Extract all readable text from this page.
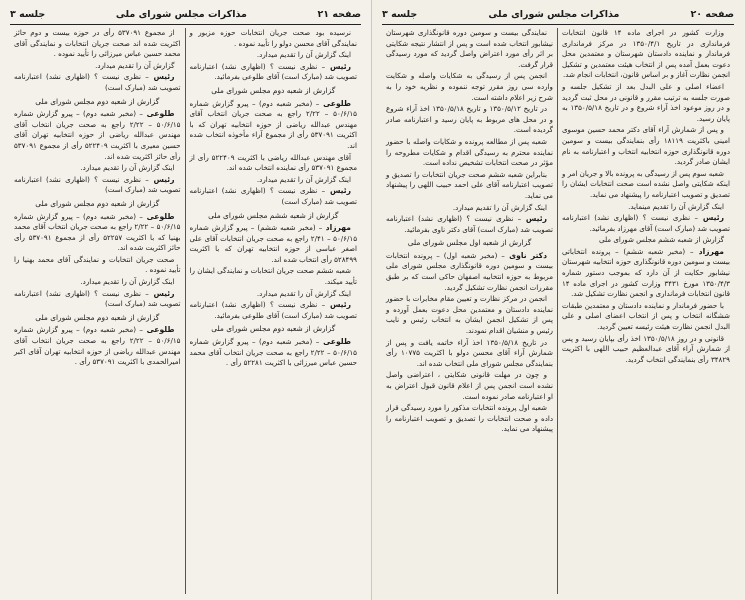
صفحه ۲۱
مذاکرات مجلس شورای ملی
جلسه ۳

نرسیده بود صحت جریان انتخابات حوزه مزبور و نمایندگی آقای محسن دولو را تأیید نموده .

اینک گزارش آن را تقدیم میدارد.

رئیس – نظری نیست ؟ (اظهاری نشد) اعتبارنامه تصویب شد (مبارک است) آقای طلوعی بفرمائید.

گزارش از شعبه دوم مجلس شورای ملی

طلوعی – (مخبر شعبه دوم) – پیرو گزارش شماره ۵۰/۶/۱۵ – ۲/۲۲ راجع به صحت جریان انتخاب آقای مهندس عبدالله ریاضی از حوزه انتخابیه تهران که با اکثریت ۵۳۷۰۹۱ رأی از مجموع آراء مأخوذه انتخاب شده اند.

آقای مهندس عبدالله ریاضی با اکثریت ۵۲۲۴۰۹ رأی از مجموع ۵۳۷۰۹۱ رأی نماینده انتخاب شده اند.

اینک گزارش آن را تقدیم میدارد.

رئیس – نظری نیست ؟ (اظهاری نشد) اعتبارنامه تصویب شد (مبارک است)

گزارش از شعبه ششم مجلس شورای ملی

مهرزاد – (مخبر شعبه ششم) – پیرو گزارش شماره ۵۰/۶/۱۵ – ۲/۴۱ راجع به صحت جریان انتخابات آقای علی اصغر عباسی از حوزه انتخابیه تهران که با اکثریت ۵۲۸۴۹۹ رأی انتخاب شده اند.

شعبه ششم صحت جریان انتخابات و نمایندگی ایشان را تأیید میکند.

اینک گزارش آن را تقدیم میدارد.

رئیس – نظری نیست ؟ (اظهاری نشد) اعتبارنامه تصویب شد (مبارک است) آقای طلوعی بفرمائید.

گزارش از شعبه دوم مجلس شورای ملی

طلوعی – (مخبر شعبه دوم) – پیرو گزارش شماره ۵۰/۶/۱۵ – ۲/۲۲ راجع به صحت جریان انتخاب آقای محمد حسین عباس میرزائی با اکثریت ۵۲۲۸۱ رأی .

از مجموع ۵۳۷۰۹۱ رأی در حوزه بیست و دوم حائز اکثریت شده اند صحت جریان انتخابات و نمایندگی آقای محمد حسین عباس میرزائی را تأیید نموده .

گزارش آن را تقدیم میدارد.

رئیس – نظری نیست ؟ (اظهاری نشد) اعتبارنامه تصویب شد (مبارک است)

گزارش از شعبه دوم مجلس شورای ملی

طلوعی – (مخبر شعبه دوم) – پیرو گزارش شماره ۵۰/۶/۱۵ – ۲/۲۲ راجع به صحت جریان انتخاب آقای مهندس عبدالله ریاضی از حوزه انتخابیه تهران آقای حسین معیری با اکثریت ۵۲۲۴۰۹ رأی از مجموع ۵۳۷۰۹۱ رأی حائز اکثریت شده اند.

اینک گزارش آن را تقدیم میدارد.

رئیس – نظری نیست ؟ (اظهاری نشد) اعتبارنامه تصویب شد (مبارک است)

گزارش از شعبه دوم مجلس شورای ملی

طلوعی – (مخبر شعبه دوم) – پیرو گزارش شماره ۵۰/۶/۱۵ – ۲/۲۲ راجع به صحت جریان انتخاب آقای محمد بهنیا که با اکثریت ۵۲۲۵۷ رأی از مجموع ۵۳۷۰۹۱ رأی حائز اکثریت شده اند.

صحت جریان انتخابات و نمایندگی آقای محمد بهنیا را تأیید نموده .

اینک گزارش آن را تقدیم میدارد.

رئیس – نظری نیست ؟ (اظهاری نشد) اعتبارنامه تصویب شد (مبارک است)

گزارش از شعبه دوم مجلس شورای ملی

طلوعی – (مخبر شعبه دوم) – پیرو گزارش شماره ۵۰/۶/۱۵ – ۲/۲۲ راجع به صحت جریان انتخاب آقای مهندس عبدالله ریاضی از حوزه انتخابیه تهران آقای اکبر امیرالحمدی با اکثریت ۵۳۷۰۹۱ رأی .

صفحه ۲۰
مذاکرات مجلس شورای ملی
جلسه ۳

وزارت کشور در اجرای ماده ۱۴ قانون انتخابات فرمانداری در تاریخ ۱۳۵۰/۴/۱ در مرکز فرمانداری فرماندار و نماینده دادستان شهرستان و معتمدین محل دعوت بعمل آمده پس از انتخاب هیئت معتمدین و تشکیل انجمن نظارت آغاز و بر اساس قانون، انتخابات انجام شد.

اعضاء اصلی و علی البدل بعد از تشکیل جلسه و صورت جلسه به ترتیب مقرر و قانونی در محل ثبت گردید و در روز موعود اخذ آراء شروع و در تاریخ ۱۳۵۰/۵/۱۸ به پایان رسید.

و پس از شمارش آراء آقای دکتر محمد حسین موسوی امینی باکثریت ۱۸۱۱۹ رأی بنمایندگی بیست و سومین دوره قانونگذاری حوزه انتخابیه انتخاب و اعتبارنامه به نام ایشان صادر گردید.

شعبه سوم پس از رسیدگی به پرونده بالا و جریان امر و اینکه شکایتی واصل نشده است صحت انتخابات ایشان را تصدیق و تصویب اعتبارنامه را پیشنهاد می نماید.

اینک گزارش آن را تقدیم مینماید.

رئیس – نظری نیست ؟ (اظهاری نشد) اعتبارنامه تصویب شد (مبارک است) آقای مهرزاد بفرمائید.

گزارش از شعبه ششم مجلس شورای ملی

مهرزاد – (مخبر شعبه ششم) – پرونده انتخاباتی بیست و سومین دوره قانونگذاری حوزه انتخابیه شهرستان نیشابور حکایت از آن دارد که بموجب دستور شماره ۱۳۵۰/۴/۳ مورخ ۳۴۳۱ وزارت کشور در اجرای ماده ۱۴ قانون انتخابات فرمانداری و انجمن نظارت تشکیل شد.

با حضور فرماندار و نماینده دادستان و معتمدین طبقات ششگانه انتخاب و پس از انتخاب اعضای اصلی و علی البدل انجمن نظارت هیئت رئیسه تعیین گردید.

قانونی و در روز ۱۳۵۰/۵/۱۸ اخذ رأی بپایان رسید و پس از شمارش آراء آقای عبدالعظیم حبیب اللهی با اکثریت ۳۴۸۲۹ رأی بنمایندگی انتخاب گردید.

نمایندگی بیست و سومین دوره قانونگذاری شهرستان نیشابور انتخاب شده است و پس از انتشار نتیجه شکایتی بر اثر رأی مورد اعتراض واصل گردید که مورد رسیدگی قرار گرفت.

انجمن پس از رسیدگی به شکایات واصله و شکایت وارده سی روز مقرر توجه ننموده و نظریه خود را به شرح زیر اعلام داشته است.

در تاریخ ۱۳۵۰/۵/۱۲ و تاریخ ۱۳۵۰/۵/۱۸ اخذ آراء شروع و در محل هاى مربوط به پایان رسید و اعتبارنامه صادر گردیده است.

شعبه پس از مطالعه پرونده و شکایات واصله با حضور نماینده محترم به رسیدگی اقدام و شکایات مطروحه را مؤثر در صحت انتخابات تشخیص نداده است.

بنابراین شعبه ششم صحت جریان انتخابات را تصدیق و تصویب اعتبارنامه آقای علی احمد حبیب اللهی را پیشنهاد می نماید.

اینک گزارش آن را تقدیم میدارد.

رئیس – نظری نیست ؟ (اظهاری نشد) اعتبارنامه تصویب شد (مبارک است) آقای دکتر ناوی بفرمائید.

گزارش از شعبه اول مجلس شورای ملی

دکتر ناوی – (مخبر شعبه اول) – پرونده انتخابات بیست و سومین دوره قانونگذاری مجلس شورای ملی مربوط به حوزه انتخابیه اصفهان حاکی است که بر طبق مقررات انجمن نظارت تشکیل گردید.

انجمن در مرکز نظارت و تعیین مقام مخابرات با حضور نماینده دادستان و معتمدین محل دعوت بعمل آورده و پس از تشکیل انجمن ایشان به انتخاب رئیس و نایب رئیس و منشیان اقدام نمودند.

در تاریخ ۱۳۵۰/۵/۱۸ اخذ آراء خاتمه یافت و پس از شمارش آراء آقای محسن دولو با اکثریت ۱۰۷۷۵ رأی بنمایندگی مجلس شورای ملی انتخاب شده اند.

و چون در مهلت قانونی شکایتی ، اعتراضی واصل نشده است انجمن پس از اعلام قانون قبول اعتراض به او اعتبارنامه صادر نموده است.

شعبه اول پرونده انتخابات مذکور را مورد رسیدگی قرار داده و صحت انتخابات را تصدیق و تصویب اعتبارنامه را پیشنهاد می نماید.
